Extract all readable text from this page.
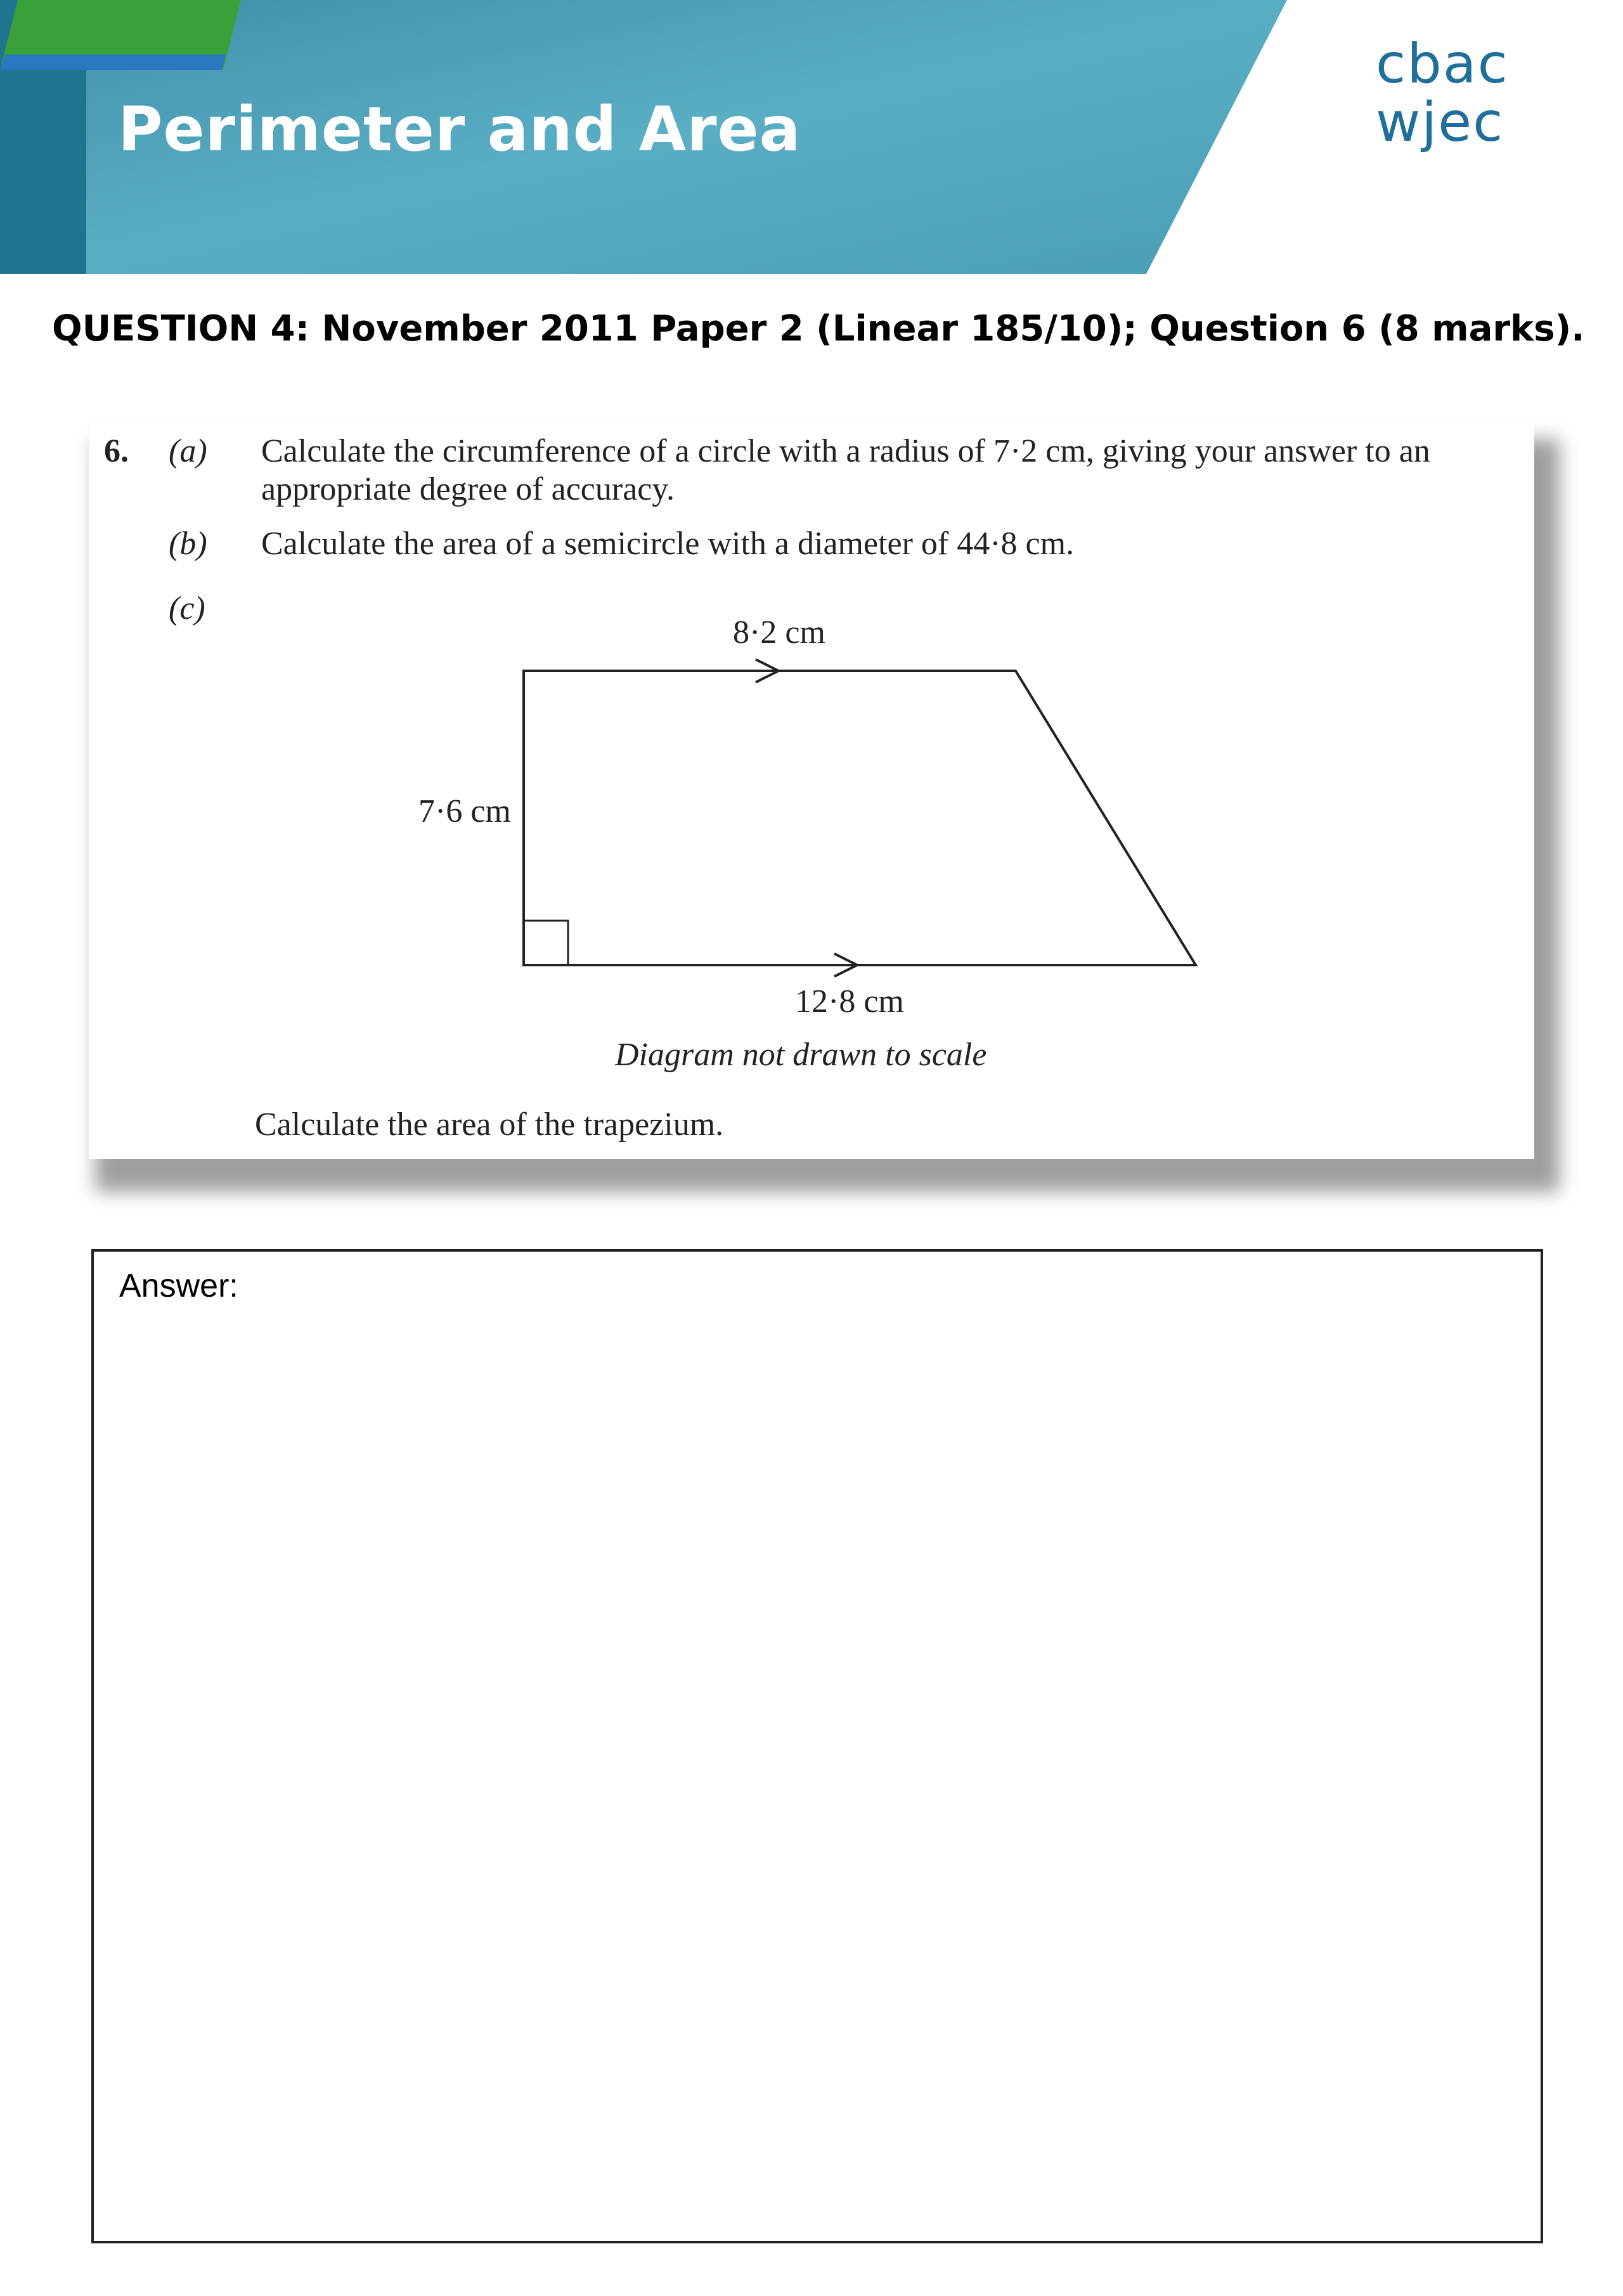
Perimeter and Area
cbac
wjec
cynnal
QUESTION 4: November 2011 Paper 2 (Linear 185/10); Question 6 (8 marks).
6. (a) Calculate the circumference of a circle with a radius of 7·2 cm, giving your answer to an
appropriate degree of accuracy.
(b) Calculate the area of a semicircle with a diameter of 44·8 cm.
(c)
8·2 cm
7·6 cm
12·8 cm
Diagram not drawn to scale
Calculate the area of the trapezium.
Answer:
